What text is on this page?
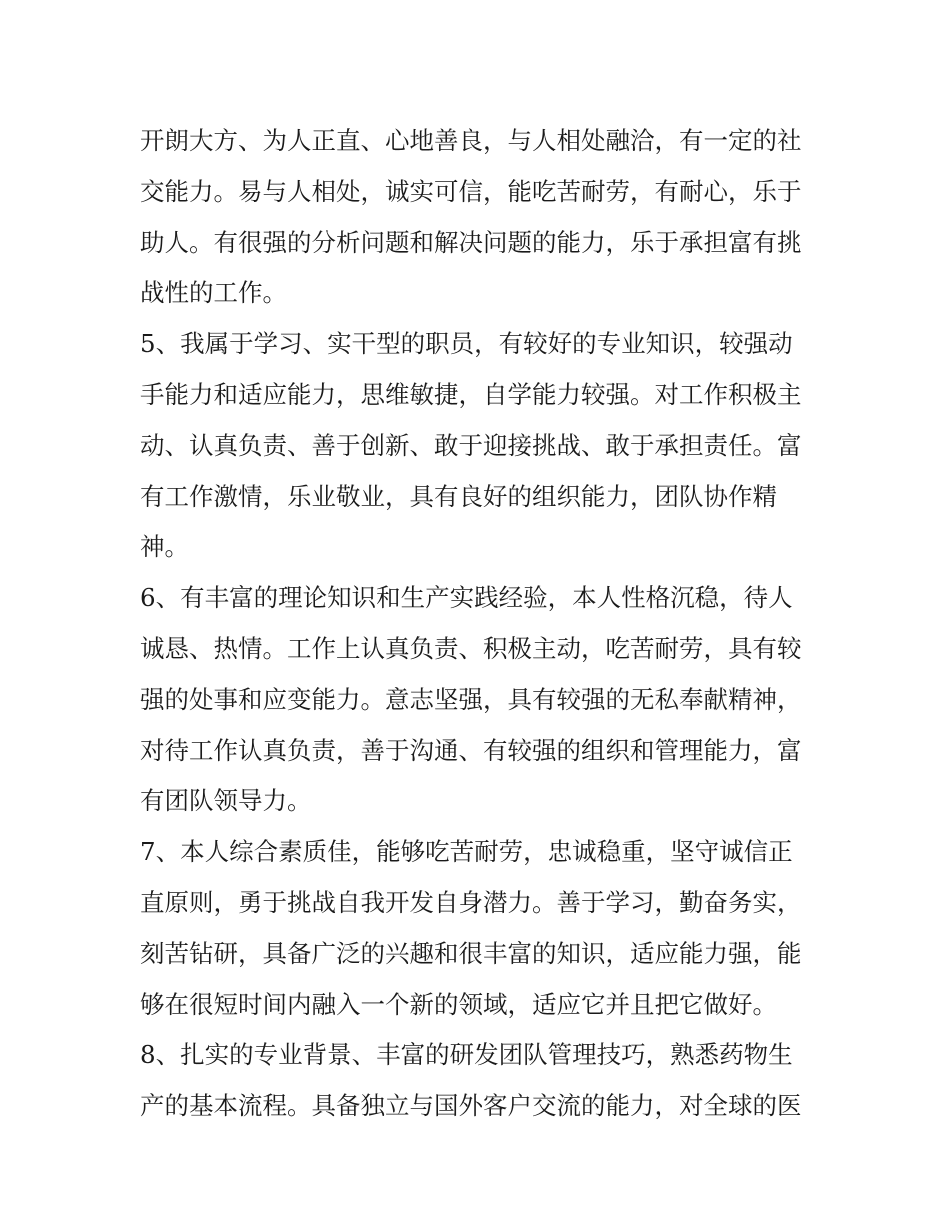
开朗大方、为人正直、心地善良，与人相处融洽，有一定的社
交能力。易与人相处，诚实可信，能吃苦耐劳，有耐心，乐于
助人。有很强的分析问题和解决问题的能力，乐于承担富有挑
战性的工作。
5、我属于学习、实干型的职员，有较好的专业知识，较强动
手能力和适应能力，思维敏捷，自学能力较强。对工作积极主
动、认真负责、善于创新、敢于迎接挑战、敢于承担责任。富
有工作激情，乐业敬业，具有良好的组织能力，团队协作精
神。
6、有丰富的理论知识和生产实践经验，本人性格沉稳，待人
诚恳、热情。工作上认真负责、积极主动，吃苦耐劳，具有较
强的处事和应变能力。意志坚强，具有较强的无私奉献精神，
对待工作认真负责，善于沟通、有较强的组织和管理能力，富
有团队领导力。
7、本人综合素质佳，能够吃苦耐劳，忠诚稳重，坚守诚信正
直原则，勇于挑战自我开发自身潜力。善于学习，勤奋务实，
刻苦钻研，具备广泛的兴趣和很丰富的知识，适应能力强，能
够在很短时间内融入一个新的领域，适应它并且把它做好。
8、扎实的专业背景、丰富的研发团队管理技巧，熟悉药物生
产的基本流程。具备独立与国外客户交流的能力，对全球的医
